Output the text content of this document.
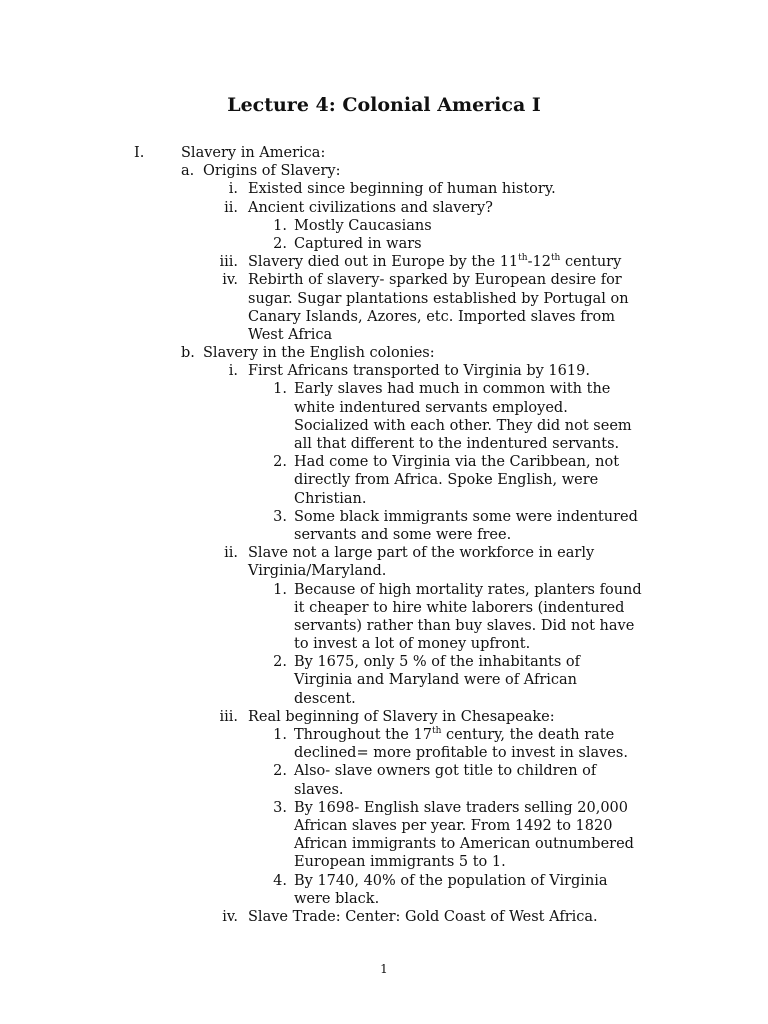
Lecture 4: Colonial America I
I.	Slavery in America:
a. Origins of Slavery:
i. Existed since beginning of human history.
ii. Ancient civilizations and slavery?
1. Mostly Caucasians
2. Captured in wars
iii. Slavery died out in Europe by the 11th-12th century
iv. Rebirth of slavery- sparked by European desire for
sugar. Sugar plantations established by Portugal on
Canary Islands, Azores, etc. Imported slaves from
West Africa
b. Slavery in the English colonies:
i. First Africans transported to Virginia by 1619.
1. Early slaves had much in common with the
white indentured servants employed.
Socialized with each other. They did not seem
all that different to the indentured servants.
2. Had come to Virginia via the Caribbean, not
directly from Africa. Spoke English, were
Christian.
3. Some black immigrants some were indentured
servants and some were free.
ii. Slave not a large part of the workforce in early
Virginia/Maryland.
1. Because of high mortality rates, planters found
it cheaper to hire white laborers (indentured
servants) rather than buy slaves. Did not have
to invest a lot of money upfront.
2. By 1675, only 5 % of the inhabitants of
Virginia and Maryland were of African
descent.
iii. Real beginning of Slavery in Chesapeake:
1. Throughout the 17th century, the death rate
declined= more profitable to invest in slaves.
2. Also- slave owners got title to children of
slaves.
3. By 1698- English slave traders selling 20,000
African slaves per year. From 1492 to 1820
African immigrants to American outnumbered
European immigrants 5 to 1.
4. By 1740, 40% of the population of Virginia
were black.
iv. Slave Trade: Center: Gold Coast of West Africa.
1
